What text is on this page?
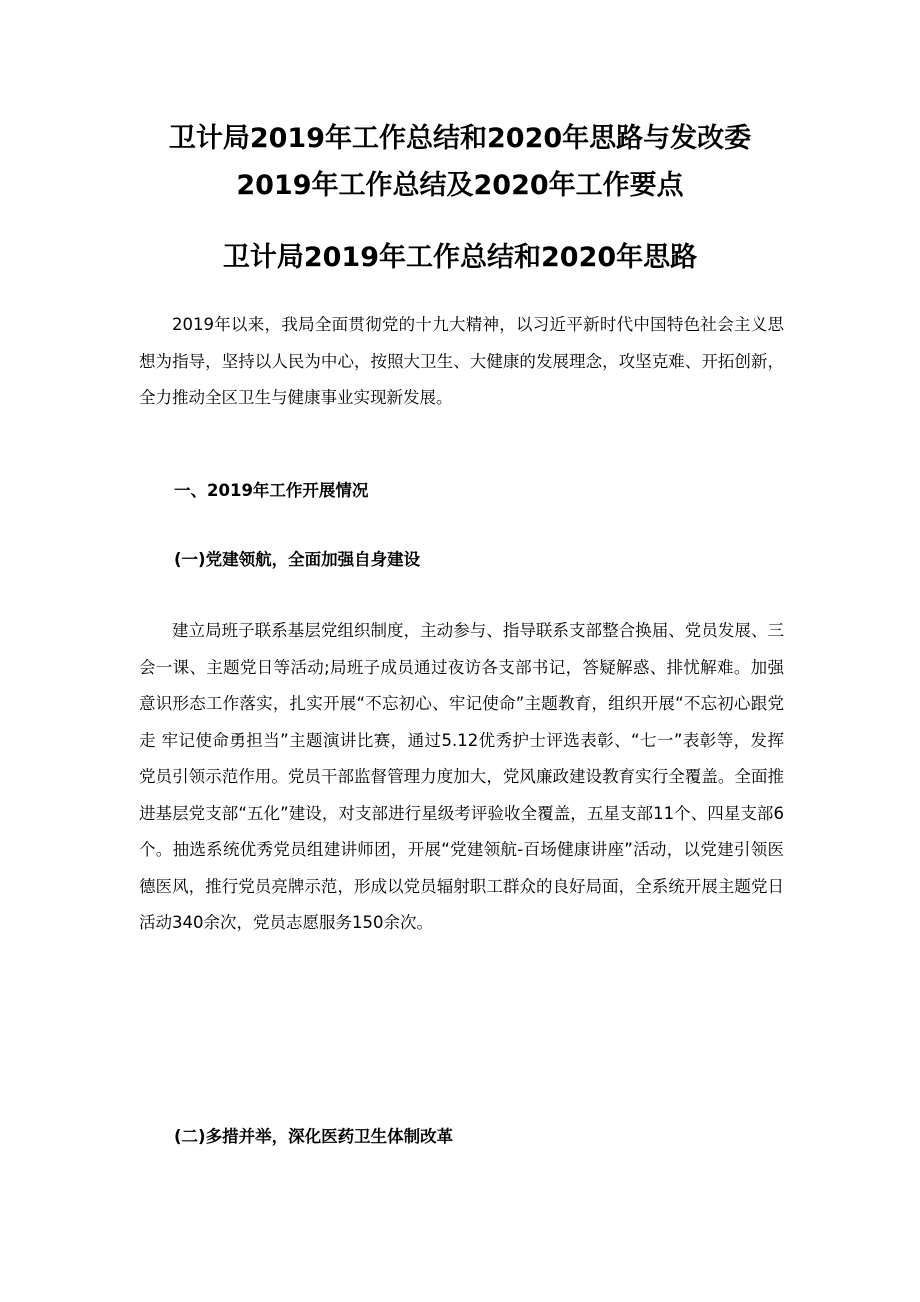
卫计局2019年工作总结和2020年思路与发改委
2019年工作总结及2020年工作要点
卫计局2019年工作总结和2020年思路

2019年以来，我局全面贯彻党的十九大精神，以习近平新时代中国特色社会主义思想为指导，坚持以人民为中心，按照大卫生、大健康的发展理念，攻坚克难、开拓创新，全力推动全区卫生与健康事业实现新发展。

一、2019年工作开展情况
(一)党建领航，全面加强自身建设

建立局班子联系基层党组织制度，主动参与、指导联系支部整合换届、党员发展、三会一课、主题党日等活动;局班子成员通过夜访各支部书记，答疑解惑、排忧解难。加强意识形态工作落实，扎实开展“不忘初心、牢记使命”主题教育，组织开展“不忘初心跟党走 牢记使命勇担当”主题演讲比赛，通过5.12优秀护士评选表彰、“七一”表彰等，发挥党员引领示范作用。党员干部监督管理力度加大，党风廉政建设教育实行全覆盖。全面推进基层党支部“五化”建设，对支部进行星级考评验收全覆盖，五星支部11个、四星支部6个。抽选系统优秀党员组建讲师团，开展“党建领航-百场健康讲座”活动，以党建引领医德医风，推行党员亮牌示范，形成以党员辐射职工群众的良好局面，全系统开展主题党日活动340余次，党员志愿服务150余次。

(二)多措并举，深化医药卫生体制改革
